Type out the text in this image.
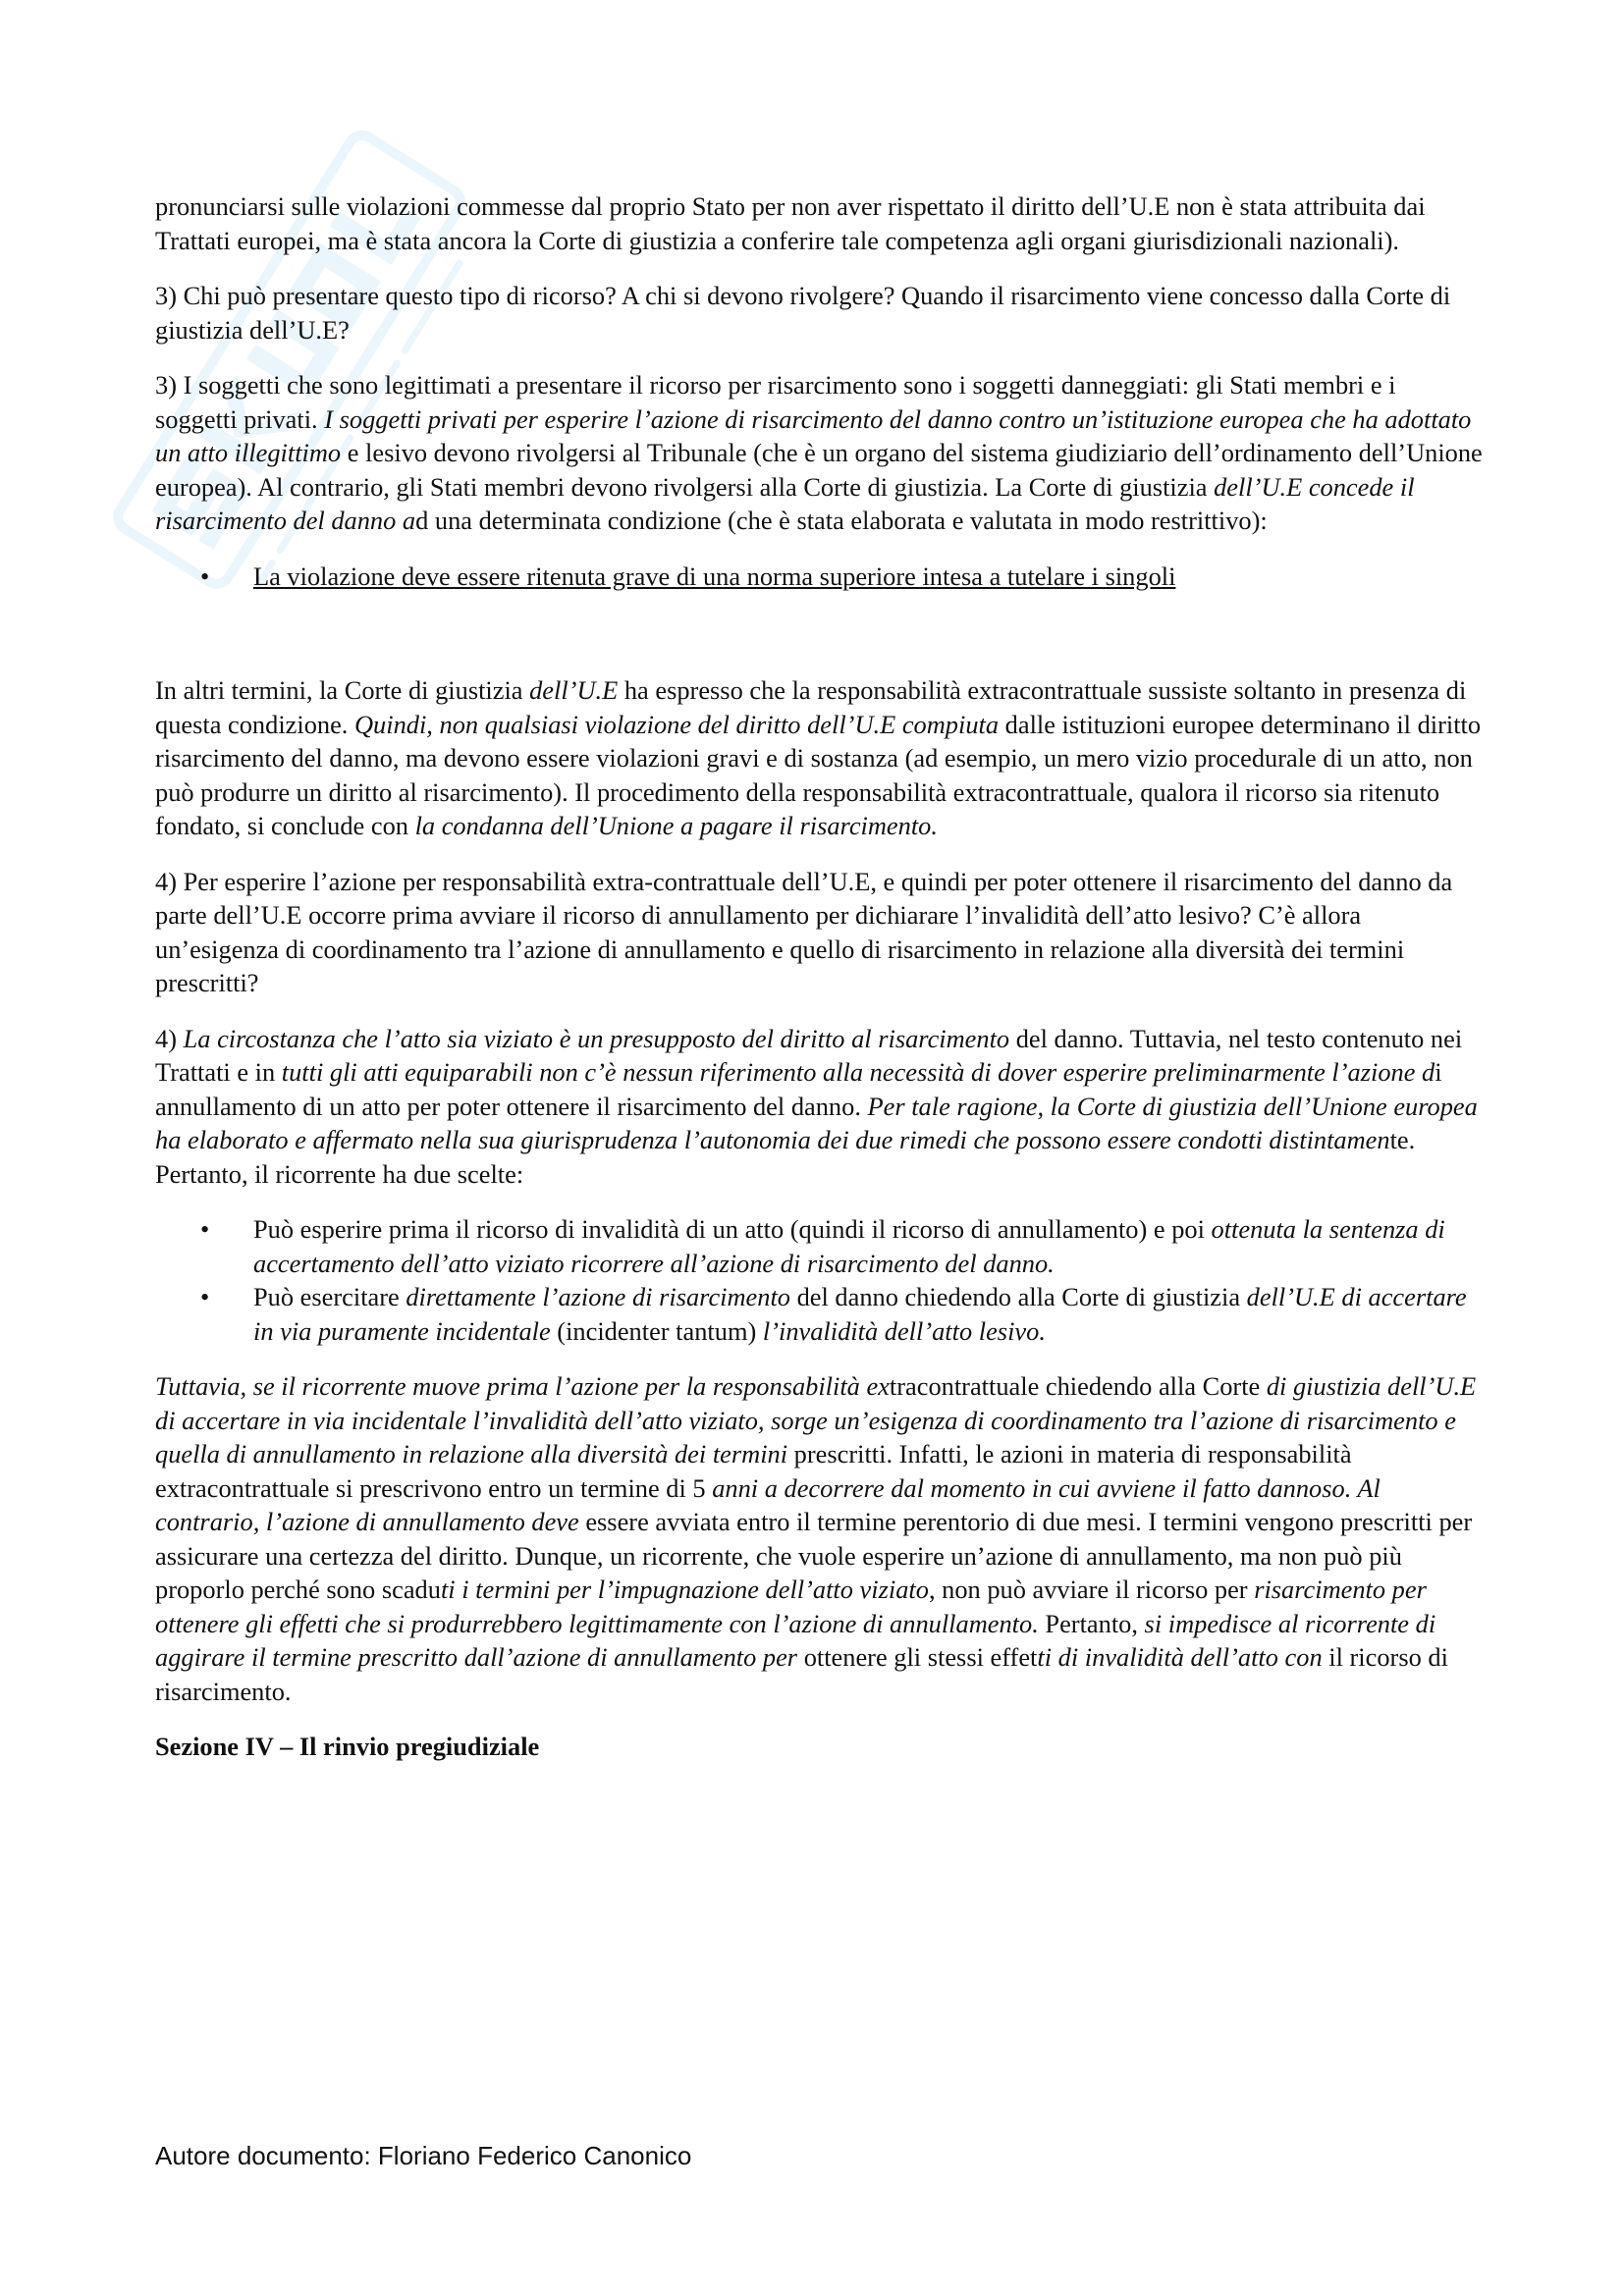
pronunciarsi sulle violazioni commesse dal proprio Stato per non aver rispettato il diritto dell’U.E non è stata attribuita dai Trattati europei, ma è stata ancora la Corte di giustizia a conferire tale competenza agli organi giurisdizionali nazionali).

3) Chi può presentare questo tipo di ricorso? A chi si devono rivolgere? Quando il risarcimento viene concesso dalla Corte di giustizia dell’U.E?

3) I soggetti che sono legittimati a presentare il ricorso per risarcimento sono i soggetti danneggiati: gli Stati membri e i soggetti privati. I soggetti privati per esperire l’azione di risarcimento del danno contro un’istituzione europea che ha adottato un atto illegittimo e lesivo devono rivolgersi al Tribunale (che è un organo del sistema giudiziario dell’ordinamento dell’Unione europea). Al contrario, gli Stati membri devono rivolgersi alla Corte di giustizia. La Corte di giustizia dell’U.E concede il risarcimento del danno ad una determinata condizione (che è stata elaborata e valutata in modo restrittivo):

• La violazione deve essere ritenuta grave di una norma superiore intesa a tutelare i singoli

In altri termini, la Corte di giustizia dell’U.E ha espresso che la responsabilità extracontrattuale sussiste soltanto in presenza di questa condizione. Quindi, non qualsiasi violazione del diritto dell’U.E compiuta dalle istituzioni europee determinano il diritto risarcimento del danno, ma devono essere violazioni gravi e di sostanza (ad esempio, un mero vizio procedurale di un atto, non può produrre un diritto al risarcimento). Il procedimento della responsabilità extracontrattuale, qualora il ricorso sia ritenuto fondato, si conclude con la condanna dell’Unione a pagare il risarcimento.

4) Per esperire l’azione per responsabilità extra-contrattuale dell’U.E, e quindi per poter ottenere il risarcimento del danno da parte dell’U.E occorre prima avviare il ricorso di annullamento per dichiarare l’invalidità dell’atto lesivo? C’è allora un’esigenza di coordinamento tra l’azione di annullamento e quello di risarcimento in relazione alla diversità dei termini prescritti?

4) La circostanza che l’atto sia viziato è un presupposto del diritto al risarcimento del danno. Tuttavia, nel testo contenuto nei Trattati e in tutti gli atti equiparabili non c’è nessun riferimento alla necessità di dover esperire preliminarmente l’azione di annullamento di un atto per poter ottenere il risarcimento del danno. Per tale ragione, la Corte di giustizia dell’Unione europea ha elaborato e affermato nella sua giurisprudenza l’autonomia dei due rimedi che possono essere condotti distintamente. Pertanto, il ricorrente ha due scelte:

• Può esperire prima il ricorso di invalidità di un atto (quindi il ricorso di annullamento) e poi ottenuta la sentenza di accertamento dell’atto viziato ricorrere all’azione di risarcimento del danno.
• Può esercitare direttamente l’azione di risarcimento del danno chiedendo alla Corte di giustizia dell’U.E di accertare in via puramente incidentale (incidenter tantum) l’invalidità dell’atto lesivo.

Tuttavia, se il ricorrente muove prima l’azione per la responsabilità extracontrattuale chiedendo alla Corte di giustizia dell’U.E di accertare in via incidentale l’invalidità dell’atto viziato, sorge un’esigenza di coordinamento tra l’azione di risarcimento e quella di annullamento in relazione alla diversità dei termini prescritti. Infatti, le azioni in materia di responsabilità extracontrattuale si prescrivono entro un termine di 5 anni a decorrere dal momento in cui avviene il fatto dannoso. Al contrario, l’azione di annullamento deve essere avviata entro il termine perentorio di due mesi. I termini vengono prescritti per assicurare una certezza del diritto. Dunque, un ricorrente, che vuole esperire un’azione di annullamento, ma non può più proporlo perché sono scaduti i termini per l’impugnazione dell’atto viziato, non può avviare il ricorso per risarcimento per ottenere gli effetti che si produrrebbero legittimamente con l’azione di annullamento. Pertanto, si impedisce al ricorrente di aggirare il termine prescritto dall’azione di annullamento per ottenere gli stessi effetti di invalidità dell’atto con il ricorso di risarcimento.

Sezione IV – Il rinvio pregiudiziale

Autore documento: Floriano Federico Canonico
